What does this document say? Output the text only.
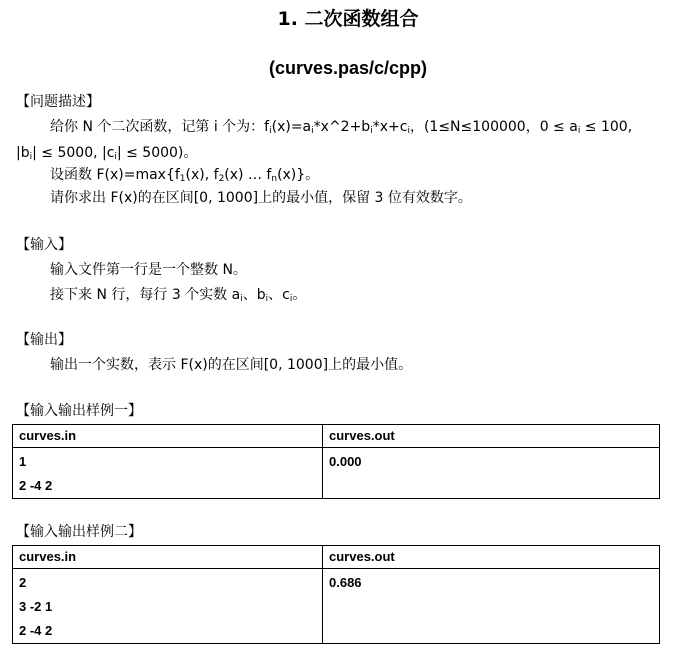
1. 二次函数组合
(curves.pas/c/cpp)
【问题描述】
给你 N 个二次函数，记第 i 个为：$f_i(x)=a_i*x\^{}2+b_i*x+c_i$，(1≤N≤100000，$0 \le a_i \le 100$,
$|b_i| \le 5000$, $|c_i| \le 5000$)。
设函数 $F(x)=\max\{f_1(x)$, $f_2(x)$ … $f_n(x)$}。
请你求出 F(x)的在区间[0, 1000]上的最小值，保留 3 位有效数字。
【输入】
输入文件第一行是一个整数 N。
接下来 N 行，每行 3 个实数 $a_i$、$b_i$、$c_i$。
【输出】
输出一个实数，表示 F(x)的在区间[0, 1000]上的最小值。
【输入输出样例一】
curves.in	curves.out

1
2 -4 2	0.000
【输入输出样例二】
curves.in	curves.out

2
3 -2 1
2 -4 2	0.686
